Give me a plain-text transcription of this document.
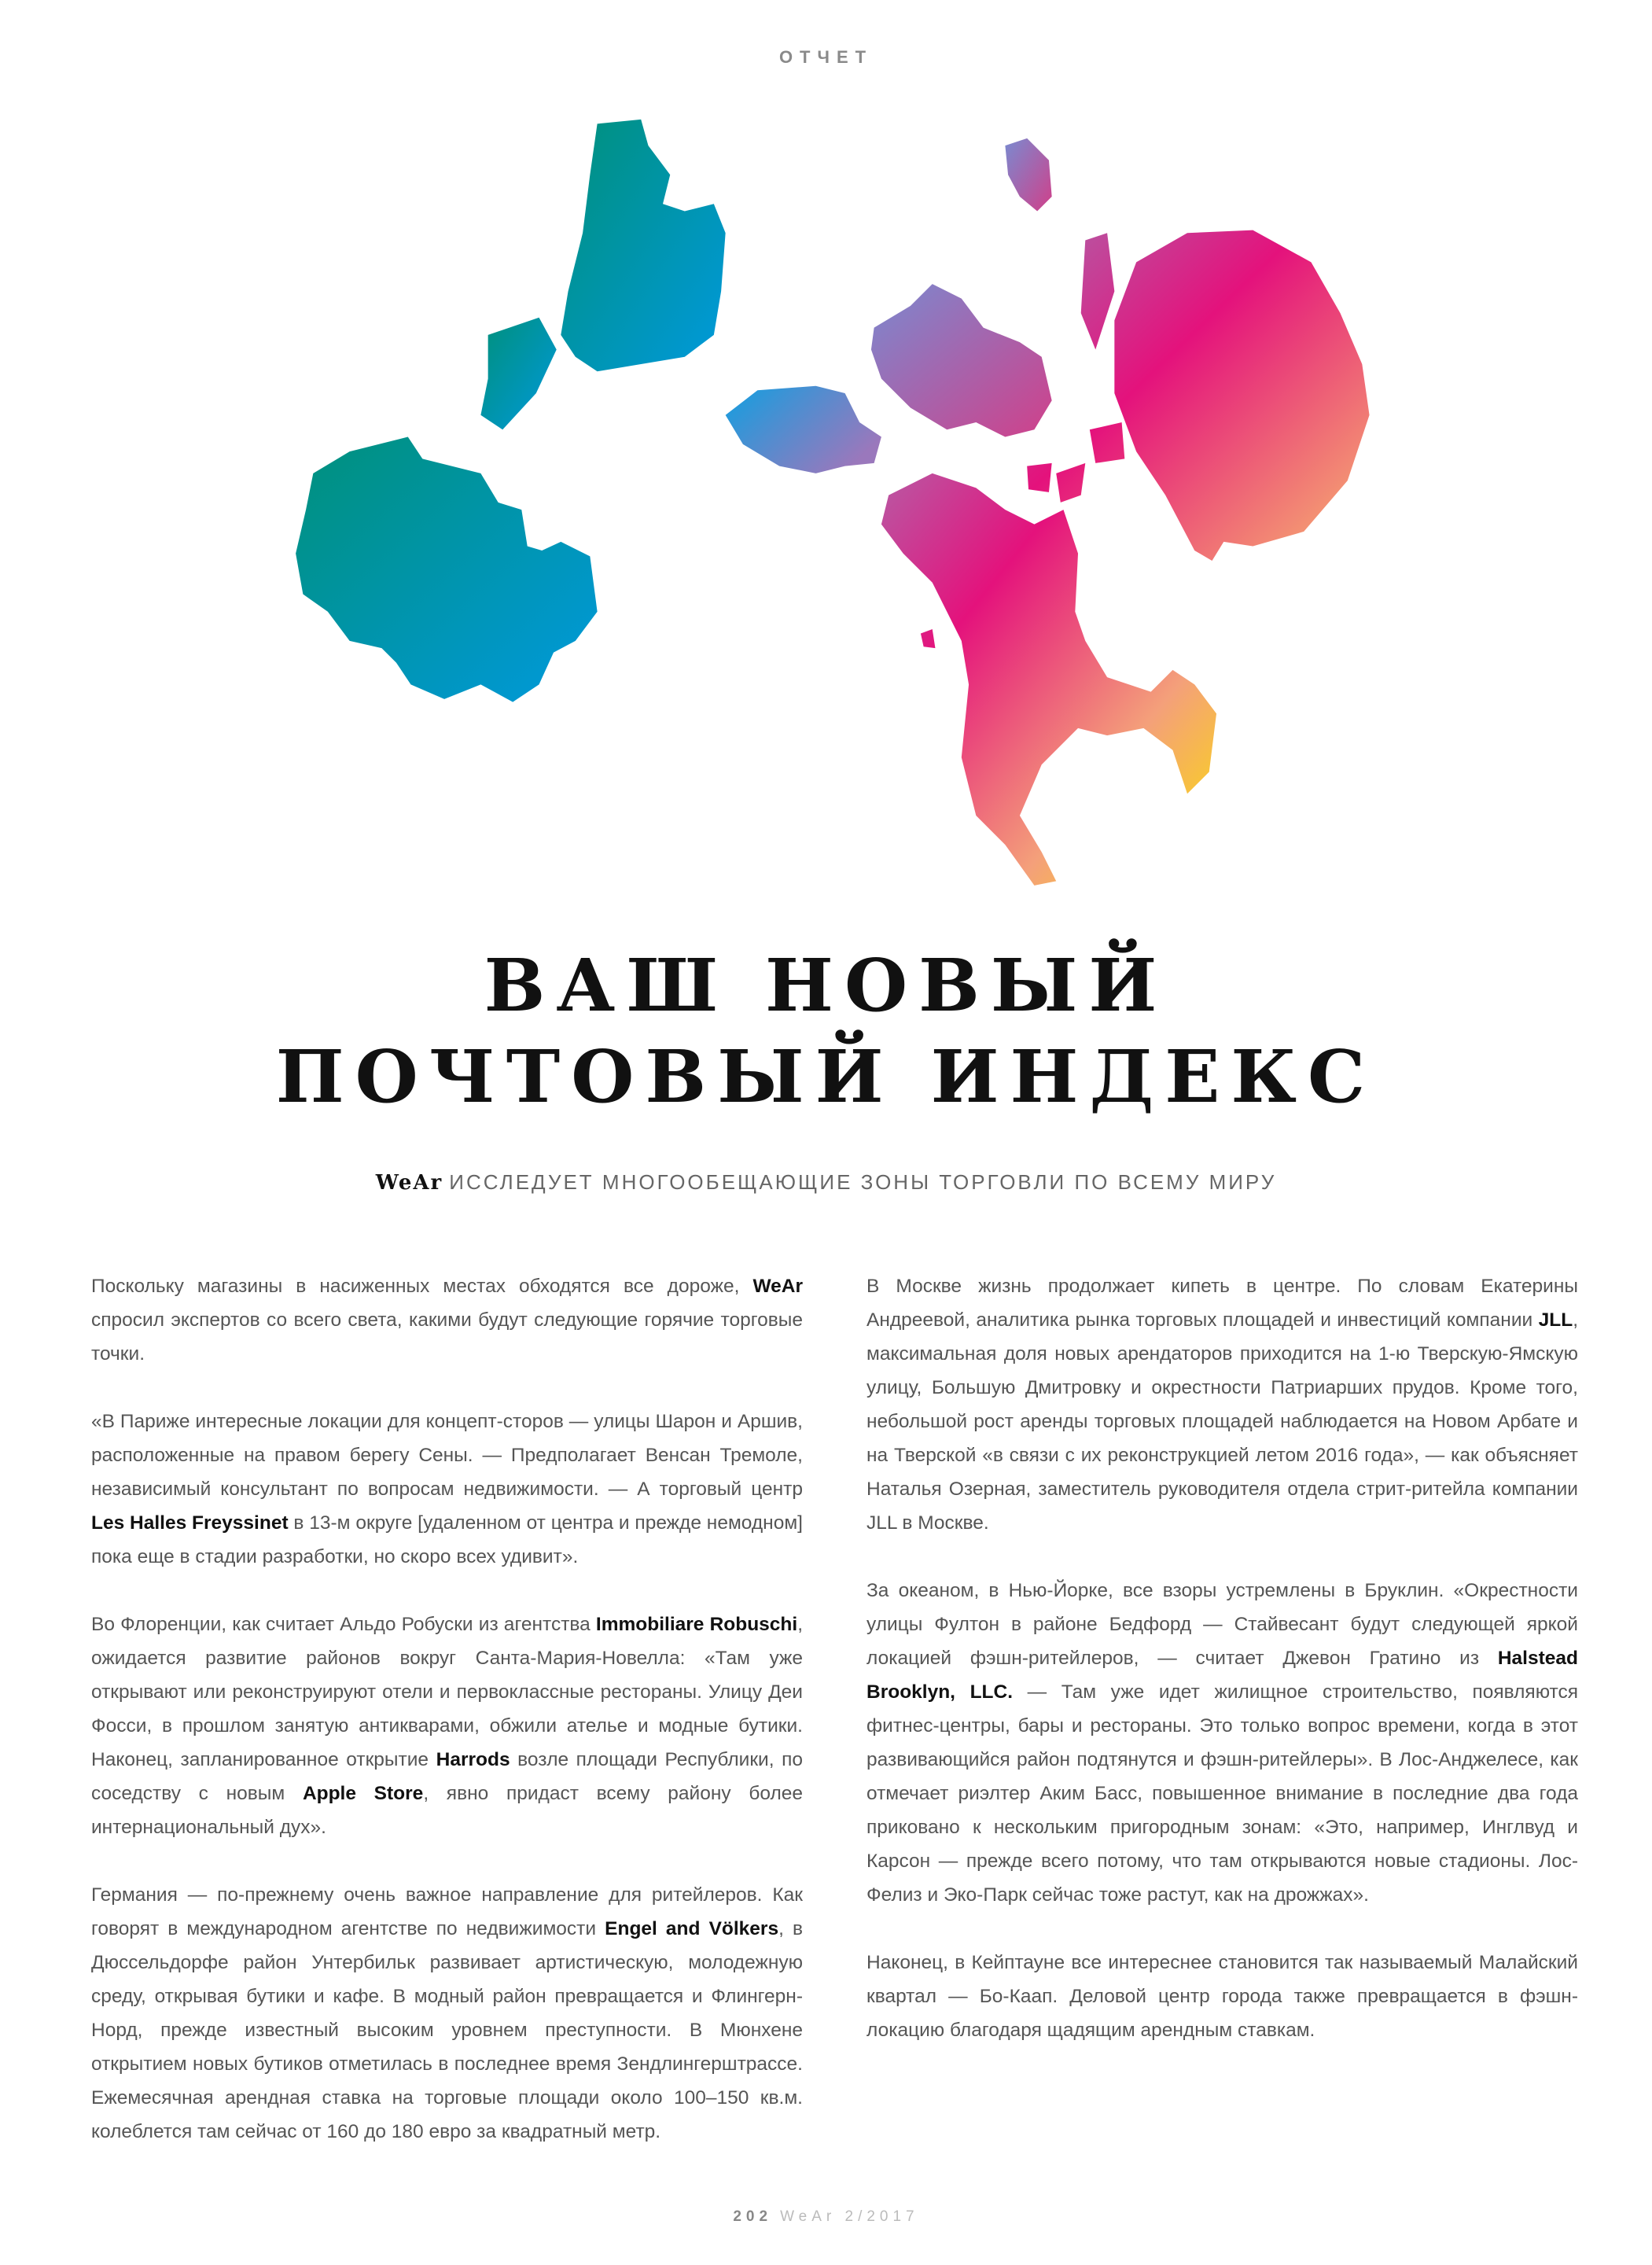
ОТЧЕТ
ВАШ НОВЫЙ
ПОЧТОВЫЙ ИНДЕКС
WeAr ИССЛЕДУЕТ МНОГООБЕЩАЮЩИЕ ЗОНЫ ТОРГОВЛИ ПО ВСЕМУ МИРУ

Поскольку магазины в насиженных местах обходятся все дороже, WeAr спросил экспертов со всего света, какими будут следующие горячие торговые точки.

«В Париже интересные локации для концепт-сторов — улицы Шарон и Аршив, расположенные на правом берегу Сены. — Предполагает Венсан Тремоле, независимый консультант по вопросам недвижимости. — А торговый центр Les Halles Freyssinet в 13-м округе [удаленном от центра и прежде немодном] пока еще в стадии разработки, но скоро всех удивит».

Во Флоренции, как считает Альдо Робуски из агентства Immobiliare Robuschi, ожидается развитие районов вокруг Санта-Мария-Новелла: «Там уже открывают или реконструируют отели и первоклассные рестораны. Улицу Деи Фосси, в прошлом занятую антикварами, обжили ателье и модные бутики. Наконец, запланированное открытие Harrods возле площади Республики, по соседству с новым Apple Store, явно придаст всему району более интернациональный дух».

Германия — по-прежнему очень важное направление для ритейлеров. Как говорят в международном агентстве по недвижимости Engel and Völkers, в Дюссельдорфе район Унтербильк развивает артистическую, молодежную среду, открывая бутики и кафе. В модный район превращается и Флингерн-Норд, прежде известный высоким уровнем преступности. В Мюнхене открытием новых бутиков отметилась в последнее время Зендлингерштрассе. Ежемесячная арендная ставка на торговые площади около 100–150 кв.м. колеблется там сейчас от 160 до 180 евро за квадратный метр.

В Москве жизнь продолжает кипеть в центре. По словам Екатерины Андреевой, аналитика рынка торговых площадей и инвестиций компании JLL, максимальная доля новых арендаторов приходится на 1-ю Тверскую-Ямскую улицу, Большую Дмитровку и окрестности Патриарших прудов. Кроме того, небольшой рост аренды торговых площадей наблюдается на Новом Арбате и на Тверской «в связи с их реконструкцией летом 2016 года», — как объясняет Наталья Озерная, заместитель руководителя отдела стрит-ритейла компании JLL в Москве.

За океаном, в Нью-Йорке, все взоры устремлены в Бруклин. «Окрестности улицы Фултон в районе Бедфорд — Стайвесант будут следующей яркой локацией фэшн-ритейлеров, — считает Джевон Гратино из Halstead Brooklyn, LLC. — Там уже идет жилищное строительство, появляются фитнес-центры, бары и рестораны. Это только вопрос времени, когда в этот развивающийся район подтянутся и фэшн-ритейлеры». В Лос-Анджелесе, как отмечает риэлтер Аким Басс, повышенное внимание в последние два года приковано к нескольким пригородным зонам: «Это, например, Инглвуд и Карсон — прежде всего потому, что там открываются новые стадионы. Лос-Фелиз и Эко-Парк сейчас тоже растут, как на дрожжах».

Наконец, в Кейптауне все интереснее становится так называемый Малайский квартал — Бо-Каап. Деловой центр города также превращается в фэшн-локацию благодаря щадящим арендным ставкам.

202 WeAr 2/2017
